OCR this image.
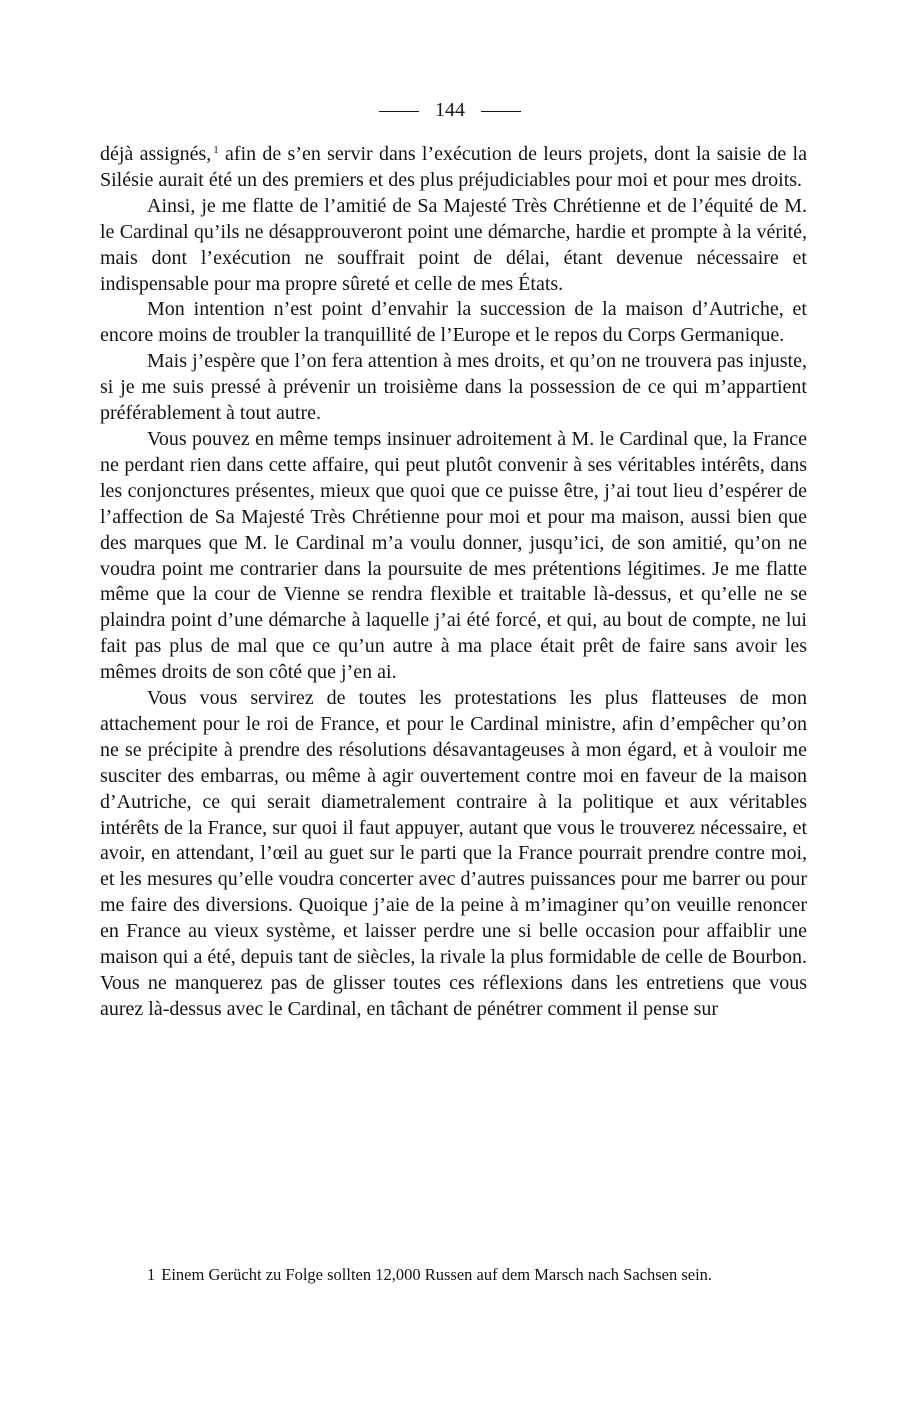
144

déjà assignés, $^1$ afin de s’en servir dans l’exécution de leurs projets, dont la saisie de la Silésie aurait été un des premiers et des plus préjudiciables pour moi et pour mes droits.

Ainsi, je me flatte de l’amitié de Sa Majesté Très Chrétienne et de l’équité de M. le Cardinal qu’ils ne désapprouveront point une démarche, hardie et prompte à la vérité, mais dont l’exécution ne souffrait point de délai, étant devenue nécessaire et indispensable pour ma propre sûreté et celle de mes États.

Mon intention n’est point d’envahir la succession de la maison d’Autriche, et encore moins de troubler la tranquillité de l’Europe et le repos du Corps Germanique.

Mais j’espère que l’on fera attention à mes droits, et qu’on ne trouvera pas injuste, si je me suis pressé à prévenir un troisième dans la possession de ce qui m’appartient préférablement à tout autre.

Vous pouvez en même temps insinuer adroitement à M. le Cardinal que, la France ne perdant rien dans cette affaire, qui peut plutôt convenir à ses véritables intérêts, dans les conjonctures présentes, mieux que quoi que ce puisse être, j’ai tout lieu d’espérer de l’affection de Sa Majesté Très Chrétienne pour moi et pour ma maison, aussi bien que des marques que M. le Cardinal m’a voulu donner, jusqu’ici, de son amitié, qu’on ne voudra point me contrarier dans la poursuite de mes prétentions légitimes. Je me flatte même que la cour de Vienne se rendra flexible et traitable là-dessus, et qu’elle ne se plaindra point d’une démarche à laquelle j’ai été forcé, et qui, au bout de compte, ne lui fait pas plus de mal que ce qu’un autre à ma place était prêt de faire sans avoir les mêmes droits de son côté que j’en ai.

Vous vous servirez de toutes les protestations les plus flatteuses de mon attachement pour le roi de France, et pour le Cardinal ministre, afin d’empêcher qu’on ne se précipite à prendre des résolutions désavantageuses à mon égard, et à vouloir me susciter des embarras, ou même à agir ouvertement contre moi en faveur de la maison d’Autriche, ce qui serait diametralement contraire à la politique et aux véritables intérêts de la France, sur quoi il faut appuyer, autant que vous le trouverez nécessaire, et avoir, en attendant, l’œil au guet sur le parti que la France pourrait prendre contre moi, et les mesures qu’elle voudra concerter avec d’autres puissances pour me barrer ou pour me faire des diversions. Quoique j’aie de la peine à m’imaginer qu’on veuille renoncer en France au vieux système, et laisser perdre une si belle occasion pour affaiblir une maison qui a été, depuis tant de siècles, la rivale la plus formidable de celle de Bourbon. Vous ne manquerez pas de glisser toutes ces réflexions dans les entretiens que vous aurez là-dessus avec le Cardinal, en tâchant de pénétrer comment il pense sur

1 Einem Gerücht zu Folge sollten 12,000 Russen auf dem Marsch nach Sachsen sein.
